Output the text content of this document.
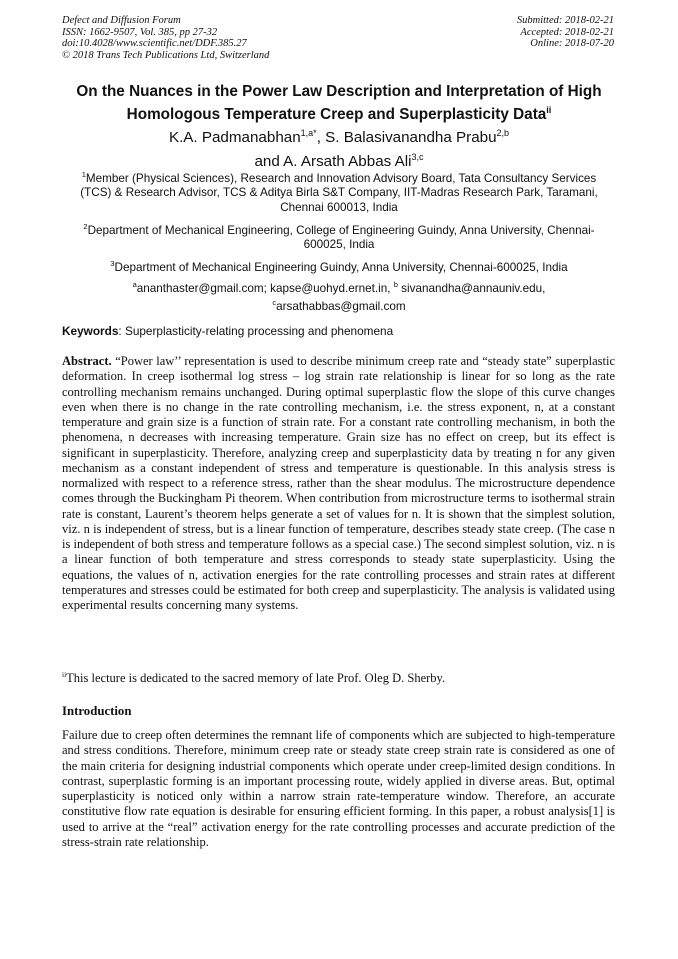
Defect and Diffusion Forum
ISSN: 1662-9507, Vol. 385, pp 27-32
doi:10.4028/www.scientific.net/DDF.385.27
© 2018 Trans Tech Publications Ltd, Switzerland
Submitted: 2018-02-21
Accepted: 2018-02-21
Online: 2018-07-20
On the Nuances in the Power Law Description and Interpretation of High Homologous Temperature Creep and Superplasticity Data$^{ii}$
K.A. Padmanabhan$^{1,a*}$, S. Balasivanandha Prabu$^{2,b}$
and A. Arsath Abbas Ali$^{3,c}$
$^1$Member (Physical Sciences), Research and Innovation Advisory Board, Tata Consultancy Services (TCS) & Research Advisor, TCS & Aditya Birla S&T Company, IIT-Madras Research Park, Taramani, Chennai 600013, India
$^2$Department of Mechanical Engineering, College of Engineering Guindy, Anna University, Chennai-600025, India
$^3$Department of Mechanical Engineering Guindy, Anna University, Chennai-600025, India
$^a$ananthaster@gmail.com; kapse@uohyd.ernet.in, $^b$ sivanandha@annauniv.edu,
$^c$arsathabbas@gmail.com
Keywords: Superplasticity-relating processing and phenomena
Abstract. “Power law’’ representation is used to describe minimum creep rate and “steady state” superplastic deformation. In creep isothermal log stress – log strain rate relationship is linear for so long as the rate controlling mechanism remains unchanged. During optimal superplastic flow the slope of this curve changes even when there is no change in the rate controlling mechanism, i.e. the stress exponent, n, at a constant temperature and grain size is a function of strain rate. For a constant rate controlling mechanism, in both the phenomena, n decreases with increasing temperature. Grain size has no effect on creep, but its effect is significant in superplasticity. Therefore, analyzing creep and superplasticity data by treating n for any given mechanism as a constant independent of stress and temperature is questionable. In this analysis stress is normalized with respect to a reference stress, rather than the shear modulus. The microstructure dependence comes through the Buckingham Pi theorem. When contribution from microstructure terms to isothermal strain rate is constant, Laurent’s theorem helps generate a set of values for n. It is shown that the simplest solution, viz. n is independent of stress, but is a linear function of temperature, describes steady state creep. (The case n is independent of both stress and temperature follows as a special case.) The second simplest solution, viz. n is a linear function of both temperature and stress corresponds to steady state superplasticity. Using the equations, the values of n, activation energies for the rate controlling processes and strain rates at different temperatures and stresses could be estimated for both creep and superplasticity. The analysis is validated using experimental results concerning many systems.
$^{ii}$This lecture is dedicated to the sacred memory of late Prof. Oleg D. Sherby.
Introduction
Failure due to creep often determines the remnant life of components which are subjected to high-temperature and stress conditions. Therefore, minimum creep rate or steady state creep strain rate is considered as one of the main criteria for designing industrial components which operate under creep-limited design conditions. In contrast, superplastic forming is an important processing route, widely applied in diverse areas. But, optimal superplasticity is noticed only within a narrow strain rate-temperature window. Therefore, an accurate constitutive flow rate equation is desirable for ensuring efficient forming. In this paper, a robust analysis[1] is used to arrive at the “real” activation energy for the rate controlling processes and accurate prediction of the stress-strain rate relationship.
